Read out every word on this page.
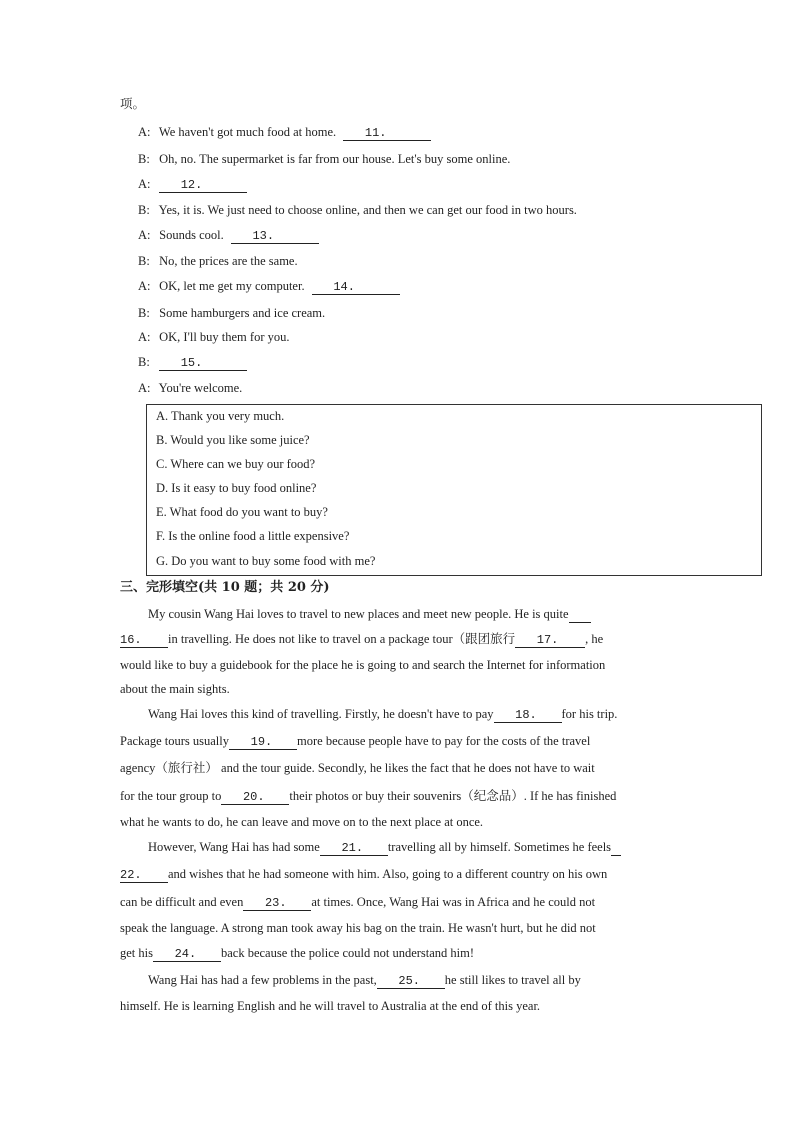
项。
A: We haven't got much food at home. 11.
B: Oh, no. The supermarket is far from our house. Let's buy some online.
A:	12.
B: Yes, it is. We just need to choose online, and then we can get our food in two hours.
A: Sounds cool. 13.
B: No, the prices are the same.
A: OK, let me get my computer. 14.
B: Some hamburgers and ice cream.
A: OK, I'll buy them for you.
B:	15.
A: You're welcome.
A. Thank you very much.
B. Would you like some juice?
C. Where can we buy our food?
D. Is it easy to buy food online?
E. What food do you want to buy?
F. Is the online food a little expensive?
G. Do you want to buy some food with me?
三、完形填空(共 10 题；共 20 分)
My cousin Wang Hai loves to travel to new places and meet new people. He is quite
16. in travelling. He does not like to travel on a package tour（跟团旅行 17. , he
would like to buy a guidebook for the place he is going to and search the Internet for information
about the main sights.
Wang Hai loves this kind of travelling. Firstly, he doesn't have to pay 18. for his trip.
Package tours usually 19. more because people have to pay for the costs of the travel
agency（旅行社） and the tour guide. Secondly, he likes the fact that he does not have to wait
for the tour group to 20. their photos or buy their souvenirs（纪念品）. If he has finished
what he wants to do, he can leave and move on to the next place at once.
However, Wang Hai has had some 21. travelling all by himself. Sometimes he feels
22. and wishes that he had someone with him. Also, going to a different country on his own
can be difficult and even 23. at times. Once, Wang Hai was in Africa and he could not
speak the language. A strong man took away his bag on the train. He wasn't hurt, but he did not
get his 24. back because the police could not understand him!
Wang Hai has had a few problems in the past, 25. he still likes to travel all by
himself. He is learning English and he will travel to Australia at the end of this year.
